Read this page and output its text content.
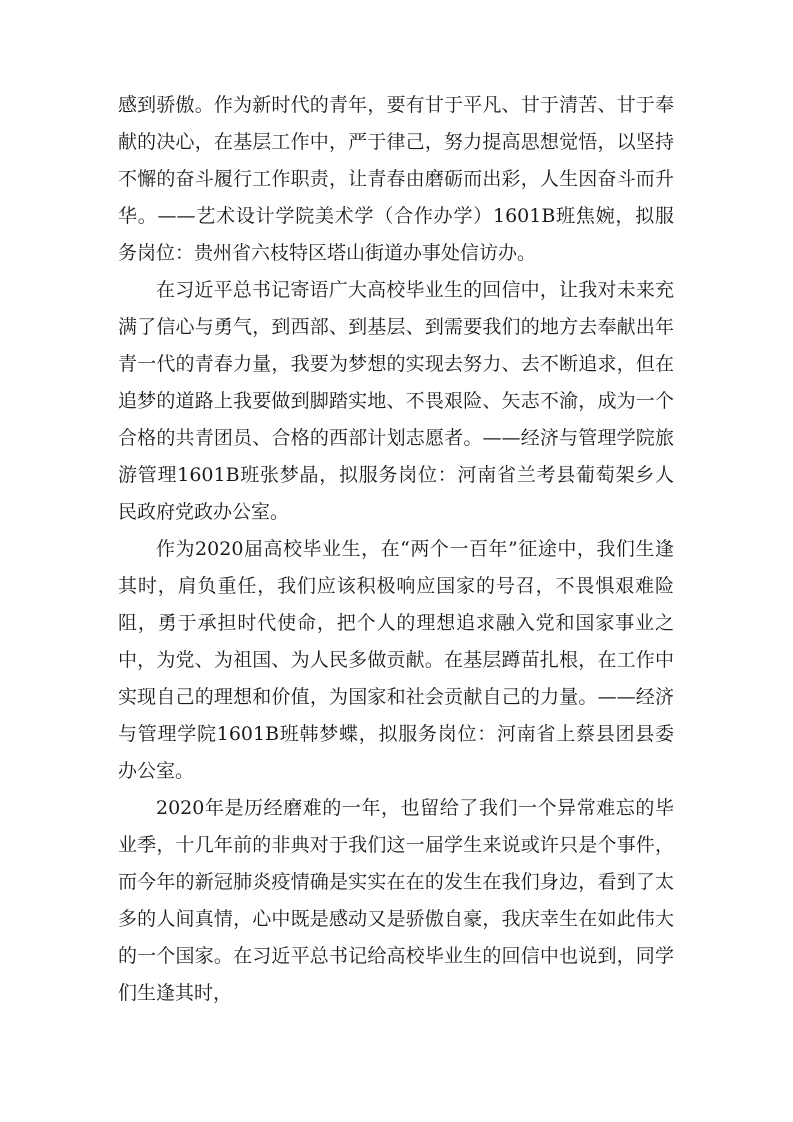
感到骄傲。作为新时代的青年，要有甘于平凡、甘于清苦、甘于奉献的决心，在基层工作中，严于律己，努力提高思想觉悟，以坚持不懈的奋斗履行工作职责，让青春由磨砺而出彩，人生因奋斗而升华。——艺术设计学院美术学（合作办学）1601B班焦婉，拟服务岗位：贵州省六枝特区塔山街道办事处信访办。

在习近平总书记寄语广大高校毕业生的回信中，让我对未来充满了信心与勇气，到西部、到基层、到需要我们的地方去奉献出年青一代的青春力量，我要为梦想的实现去努力、去不断追求，但在追梦的道路上我要做到脚踏实地、不畏艰险、矢志不渝，成为一个合格的共青团员、合格的西部计划志愿者。——经济与管理学院旅游管理1601B班张梦晶，拟服务岗位：河南省兰考县葡萄架乡人民政府党政办公室。

作为2020届高校毕业生，在“两个一百年”征途中，我们生逢其时，肩负重任，我们应该积极响应国家的号召，不畏惧艰难险阻，勇于承担时代使命，把个人的理想追求融入党和国家事业之中，为党、为祖国、为人民多做贡献。在基层蹲苗扎根，在工作中实现自己的理想和价值，为国家和社会贡献自己的力量。——经济与管理学院1601B班韩梦蝶，拟服务岗位：河南省上蔡县团县委办公室。

2020年是历经磨难的一年，也留给了我们一个异常难忘的毕业季，十几年前的非典对于我们这一届学生来说或许只是个事件，而今年的新冠肺炎疫情确是实实在在的发生在我们身边，看到了太多的人间真情，心中既是感动又是骄傲自豪，我庆幸生在如此伟大的一个国家。在习近平总书记给高校毕业生的回信中也说到，同学们生逢其时，
